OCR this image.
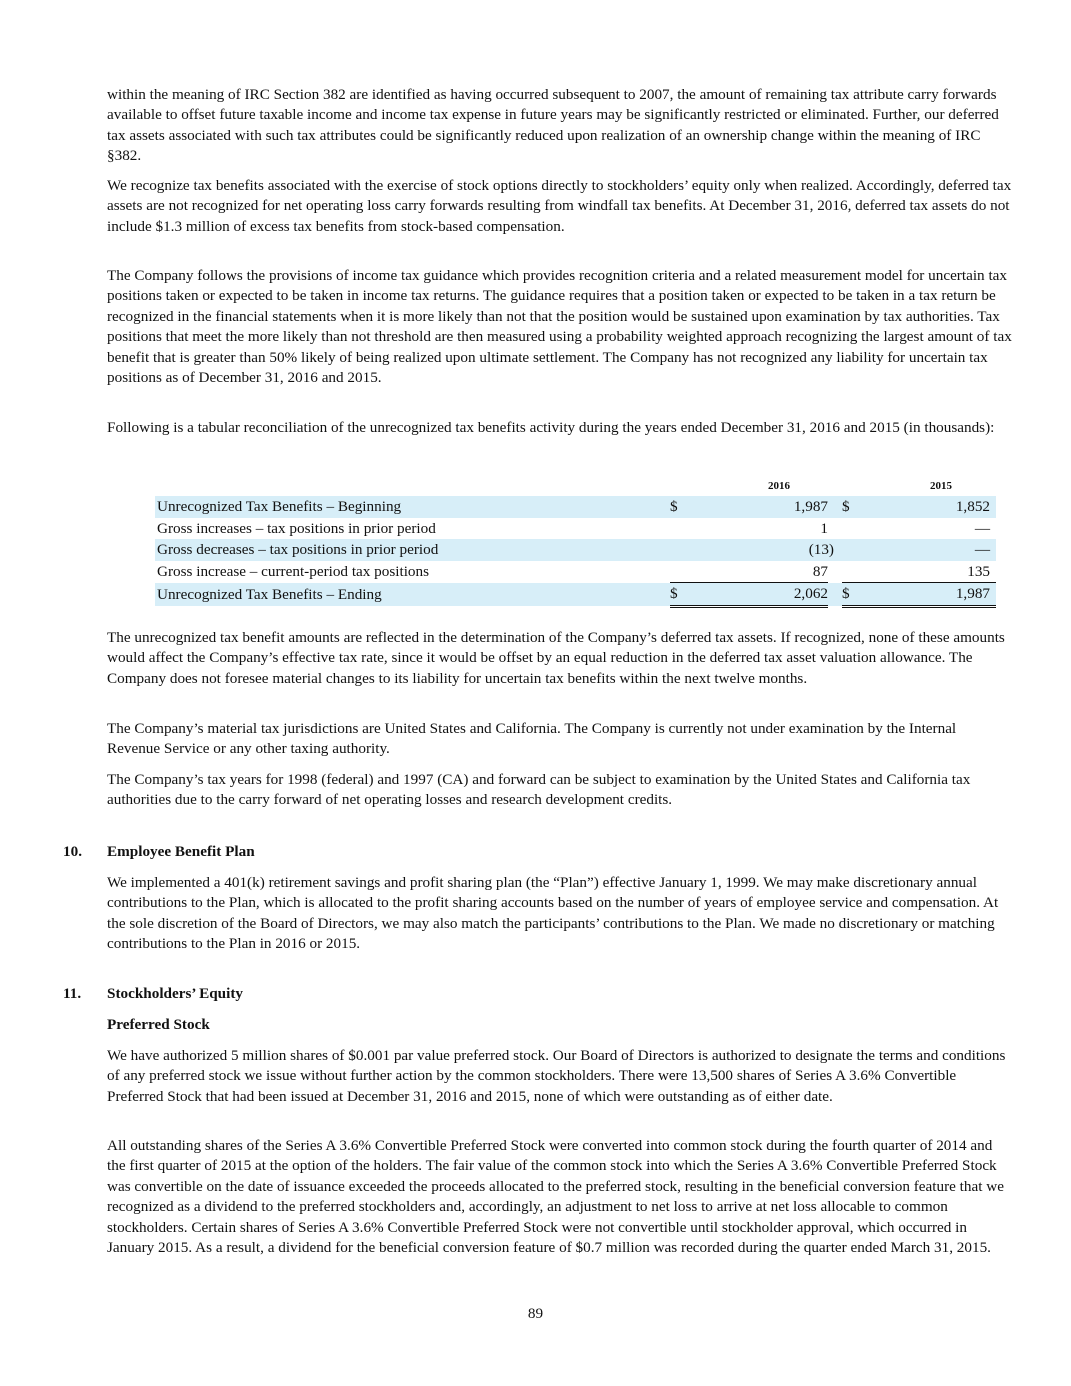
within the meaning of IRC Section 382 are identified as having occurred subsequent to 2007, the amount of remaining tax attribute carry forwards available to offset future taxable income and income tax expense in future years may be significantly restricted or eliminated. Further, our deferred tax assets associated with such tax attributes could be significantly reduced upon realization of an ownership change within the meaning of IRC §382.

We recognize tax benefits associated with the exercise of stock options directly to stockholders’ equity only when realized. Accordingly, deferred tax assets are not recognized for net operating loss carry forwards resulting from windfall tax benefits. At December 31, 2016, deferred tax assets do not include $1.3 million of excess tax benefits from stock-based compensation.

The Company follows the provisions of income tax guidance which provides recognition criteria and a related measurement model for uncertain tax positions taken or expected to be taken in income tax returns. The guidance requires that a position taken or expected to be taken in a tax return be recognized in the financial statements when it is more likely than not that the position would be sustained upon examination by tax authorities. Tax positions that meet the more likely than not threshold are then measured using a probability weighted approach recognizing the largest amount of tax benefit that is greater than 50% likely of being realized upon ultimate settlement. The Company has not recognized any liability for uncertain tax positions as of December 31, 2016 and 2015.

Following is a tabular reconciliation of the unrecognized tax benefits activity during the years ended December 31, 2016 and 2015 (in thousands):

		2016			2015
Unrecognized Tax Benefits – Beginning	$	1,987		$	1,852
Gross increases – tax positions in prior period		1			—
Gross decreases – tax positions in prior period		(13)			—
Gross increase – current-period tax positions		87			135
Unrecognized Tax Benefits – Ending	$	2,062		$	1,987

The unrecognized tax benefit amounts are reflected in the determination of the Company’s deferred tax assets. If recognized, none of these amounts would affect the Company’s effective tax rate, since it would be offset by an equal reduction in the deferred tax asset valuation allowance. The Company does not foresee material changes to its liability for uncertain tax benefits within the next twelve months.

The Company’s material tax jurisdictions are United States and California. The Company is currently not under examination by the Internal Revenue Service or any other taxing authority.

The Company’s tax years for 1998 (federal) and 1997 (CA) and forward can be subject to examination by the United States and California tax authorities due to the carry forward of net operating losses and research development credits.

10. Employee Benefit Plan

We implemented a 401(k) retirement savings and profit sharing plan (the “Plan”) effective January 1, 1999. We may make discretionary annual contributions to the Plan, which is allocated to the profit sharing accounts based on the number of years of employee service and compensation. At the sole discretion of the Board of Directors, we may also match the participants’ contributions to the Plan. We made no discretionary or matching contributions to the Plan in 2016 or 2015.

11. Stockholders’ Equity
Preferred Stock

We have authorized 5 million shares of $0.001 par value preferred stock. Our Board of Directors is authorized to designate the terms and conditions of any preferred stock we issue without further action by the common stockholders. There were 13,500 shares of Series A 3.6% Convertible Preferred Stock that had been issued at December 31, 2016 and 2015, none of which were outstanding as of either date.

All outstanding shares of the Series A 3.6% Convertible Preferred Stock were converted into common stock during the fourth quarter of 2014 and the first quarter of 2015 at the option of the holders. The fair value of the common stock into which the Series A 3.6% Convertible Preferred Stock was convertible on the date of issuance exceeded the proceeds allocated to the preferred stock, resulting in the beneficial conversion feature that we recognized as a dividend to the preferred stockholders and, accordingly, an adjustment to net loss to arrive at net loss allocable to common stockholders. Certain shares of Series A 3.6% Convertible Preferred Stock were not convertible until stockholder approval, which occurred in January 2015. As a result, a dividend for the beneficial conversion feature of $0.7 million was recorded during the quarter ended March 31, 2015.

89
